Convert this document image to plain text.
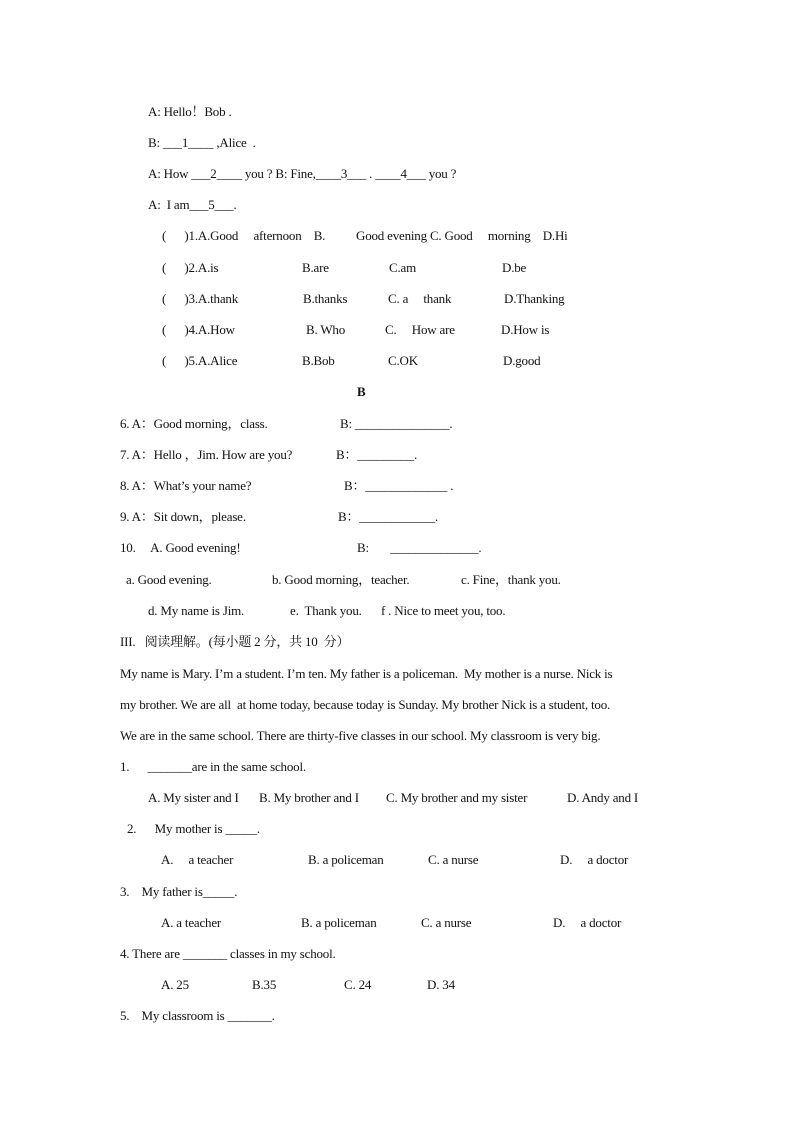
A: Hello！Bob .
B: ___1____ ,Alice  .
A: How ___2____ you ? B: Fine,____3___ . ____4___ you ?
A:  I am___5___.
(      )1.A.Good     afternoon    B. Good evening C. Good     morning    D.Hi
(      )2.A.is	B.are	C.am	D.be
(      )3.A.thank	B.thanks	C. a     thank	D.Thanking
(      )4.A.How	B. Who	C.     How are	D.How is
(      )5.A.Alice	B.Bob	C.OK	D.good
B
6. A：Good morning，class.	B: _______________.
7. A：Hello ，Jim. How are you?	B：_________.
8. A：What’s your name?	B：_____________ .
9. A：Sit down，please.	B：____________.
10.     A. Good evening!	B:       ______________.
a. Good evening.	b. Good morning，teacher.	c. Fine，thank you.
d. My name is Jim.	e.  Thank you. f . Nice to meet you, too.
III.   阅读理解。(每小题 2 分，共 10  分）
My name is Mary. I’m a student. I’m ten. My father is a policeman.  My mother is a nurse. Nick is
my brother. We are all  at home today, because today is Sunday. My brother Nick is a student, too.
We are in the same school. There are thirty-five classes in our school. My classroom is very big.
1.      _______are in the same school.
A. My sister and I B. My brother and I C. My brother and my sister	D. Andy and I
2.      My mother is _____.
A.     a teacher	B. a policeman	C. a nurse	D.     a doctor
3.    My father is_____.
A. a teacher	B. a policeman	C. a nurse	D.     a doctor
4. There are _______ classes in my school.
A. 25	B.35	C. 24	D. 34
5.    My classroom is _______.
